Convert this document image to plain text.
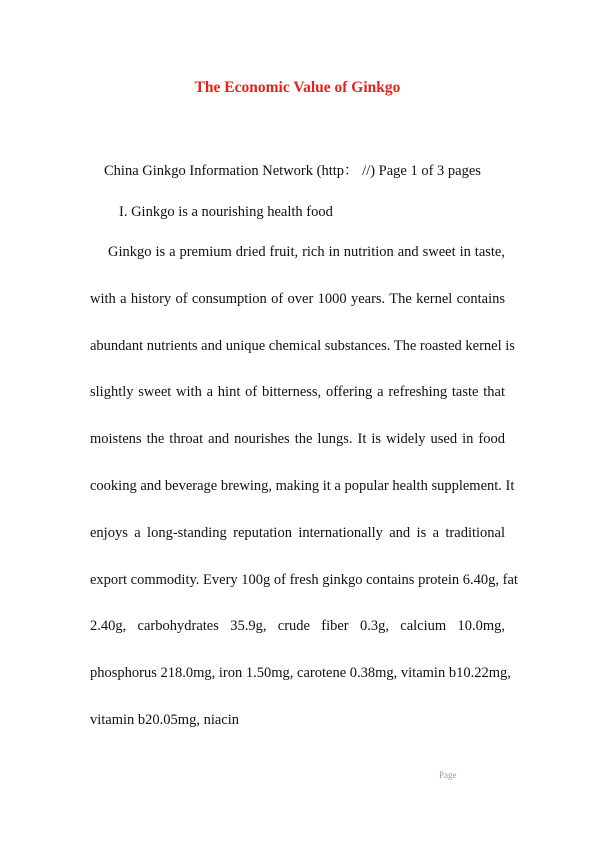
The Economic Value of Ginkgo
China Ginkgo Information Network (http： //) Page 1 of 3 pages
I. Ginkgo is a nourishing health food
Ginkgo is a premium dried fruit, rich in nutrition and sweet in taste,
with a history of consumption of over 1000 years. The kernel contains
abundant nutrients and unique chemical substances. The roasted kernel is
slightly sweet with a hint of bitterness, offering a refreshing taste that
moistens the throat and nourishes the lungs. It is widely used in food
cooking and beverage brewing, making it a popular health supplement. It
enjoys a long-standing reputation internationally and is a traditional
export commodity. Every 100g of fresh ginkgo contains protein 6.40g, fat
2.40g, carbohydrates 35.9g, crude fiber 0.3g, calcium 10.0mg,
phosphorus 218.0mg, iron 1.50mg, carotene 0.38mg, vitamin b10.22mg,
vitamin b20.05mg, niacin
Page
